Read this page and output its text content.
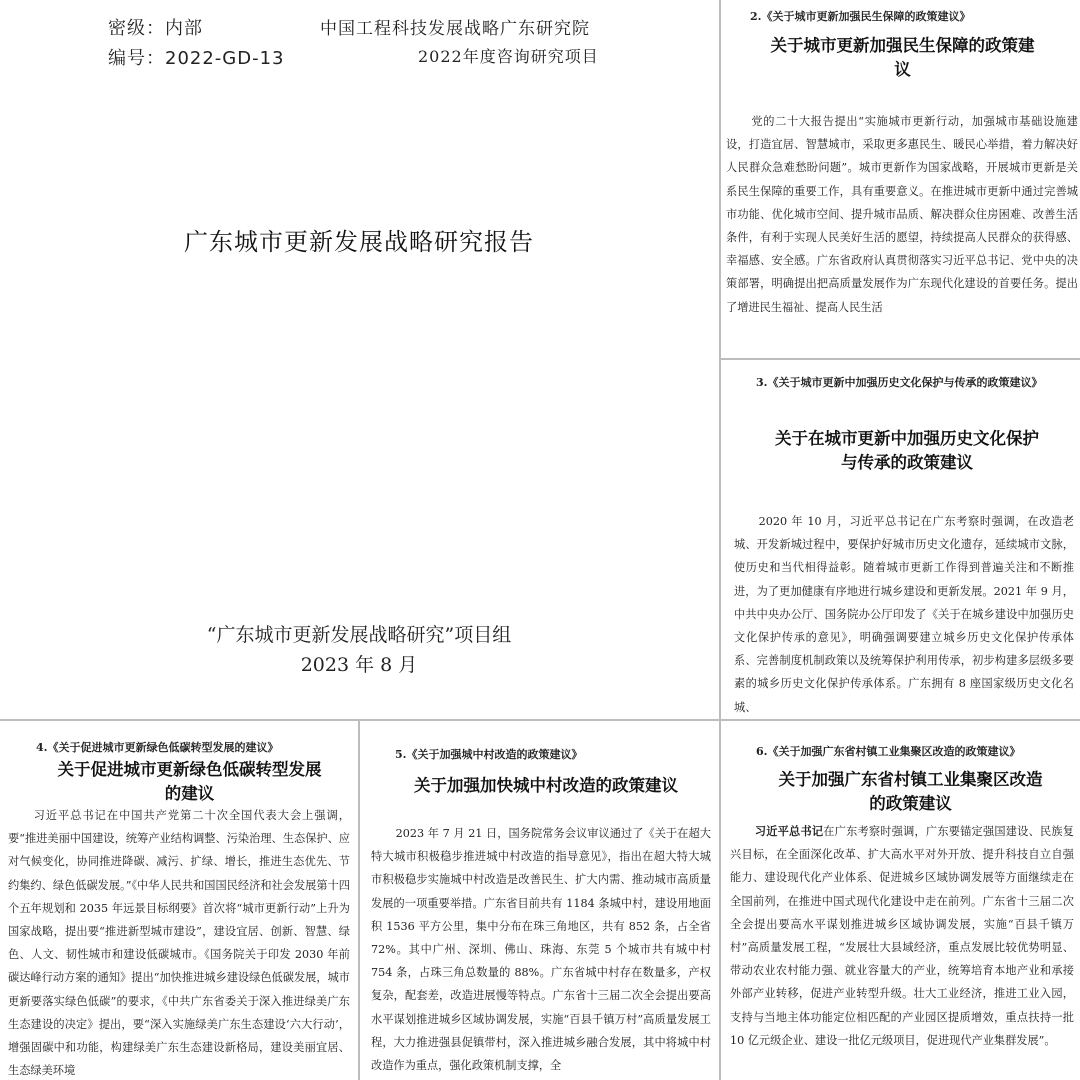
密级：内部
编号：2022-GD-13
中国工程科技发展战略广东研究院
2022年度咨询研究项目
广东城市更新发展战略研究报告
“广东城市更新发展战略研究”项目组
2023 年 8 月
2.《关于城市更新加强民生保障的政策建议》
关于城市更新加强民生保障的政策建
议
党的二十大报告提出“实施城市更新行动，加强城市基础设施建设，打造宜居、智慧城市，采取更多惠民生、暖民心举措，着力解决好人民群众急难愁盼问题”。城市更新作为国家战略，开展城市更新是关系民生保障的重要工作，具有重要意义。在推进城市更新中通过完善城市功能、优化城市空间、提升城市品质、解决群众住房困难、改善生活条件，有利于实现人民美好生活的愿望，持续提高人民群众的获得感、幸福感、安全感。广东省政府认真贯彻落实习近平总书记、党中央的决策部署，明确提出把高质量发展作为广东现代化建设的首要任务。提出了增进民生福祉、提高人民生活
3.《关于城市更新中加强历史文化保护与传承的政策建议》
关于在城市更新中加强历史文化保护
与传承的政策建议
2020 年 10 月，习近平总书记在广东考察时强调，在改造老城、开发新城过程中，要保护好城市历史文化遗存，延续城市文脉，使历史和当代相得益彰。随着城市更新工作得到普遍关注和不断推进，为了更加健康有序地进行城乡建设和更新发展。2021 年 9 月，中共中央办公厅、国务院办公厅印发了《关于在城乡建设中加强历史文化保护传承的意见》，明确强调要建立城乡历史文化保护传承体系、完善制度机制政策以及统筹保护利用传承，初步构建多层级多要素的城乡历史文化保护传承体系。广东拥有 8 座国家级历史文化名城、
4.《关于促进城市更新绿色低碳转型发展的建议》
关于促进城市更新绿色低碳转型发展
的建议
习近平总书记在中国共产党第二十次全国代表大会上强调，要“推进美丽中国建设，统筹产业结构调整、污染治理、生态保护、应对气候变化，协同推进降碳、减污、扩绿、增长，推进生态优先、节约集约、绿色低碳发展。”《中华人民共和国国民经济和社会发展第十四个五年规划和 2035 年远景目标纲要》首次将“城市更新行动”上升为国家战略，提出要“推进新型城市建设”，建设宜居、创新、智慧、绿色、人文、韧性城市和建设低碳城市。《国务院关于印发 2030 年前碳达峰行动方案的通知》提出“加快推进城乡建设绿色低碳发展，城市更新要落实绿色低碳”的要求，《中共广东省委关于深入推进绿美广东生态建设的决定》提出，要“深入实施绿美广东生态建设‘六大行动’，增强固碳中和功能，构建绿美广东生态建设新格局，建设美丽宜居、生态绿美环境
5.《关于加强城中村改造的政策建议》
关于加强加快城中村改造的政策建议
2023 年 7 月 21 日，国务院常务会议审议通过了《关于在超大特大城市积极稳步推进城中村改造的指导意见》，指出在超大特大城市积极稳步实施城中村改造是改善民生、扩大内需、推动城市高质量发展的一项重要举措。广东省目前共有 1184 条城中村，建设用地面积 1536 平方公里，集中分布在珠三角地区，共有 852 条，占全省 72%。其中广州、深圳、佛山、珠海、东莞 5 个城市共有城中村 754 条，占珠三角总数量的 88%。广东省城中村存在数量多，产权复杂，配套差，改造进展慢等特点。广东省十三届二次全会提出要高水平谋划推进城乡区域协调发展，实施“百县千镇万村”高质量发展工程，大力推进强县促镇带村，深入推进城乡融合发展，其中将城中村改造作为重点，强化政策机制支撑，全
6.《关于加强广东省村镇工业集聚区改造的政策建议》
关于加强广东省村镇工业集聚区改造
的政策建议
习近平总书记在广东考察时强调，广东要锚定强国建设、民族复兴目标，在全面深化改革、扩大高水平对外开放、提升科技自立自强能力、建设现代化产业体系、促进城乡区域协调发展等方面继续走在全国前列，在推进中国式现代化建设中走在前列。广东省十三届二次全会提出要高水平谋划推进城乡区域协调发展，实施“百县千镇万村”高质量发展工程，“发展壮大县域经济，重点发展比较优势明显、带动农业农村能力强、就业容量大的产业，统筹培育本地产业和承接外部产业转移，促进产业转型升级。壮大工业经济，推进工业入园，支持与当地主体功能定位相匹配的产业园区提质增效，重点扶持一批 10 亿元级企业、建设一批亿元级项目，促进现代产业集群发展”。
